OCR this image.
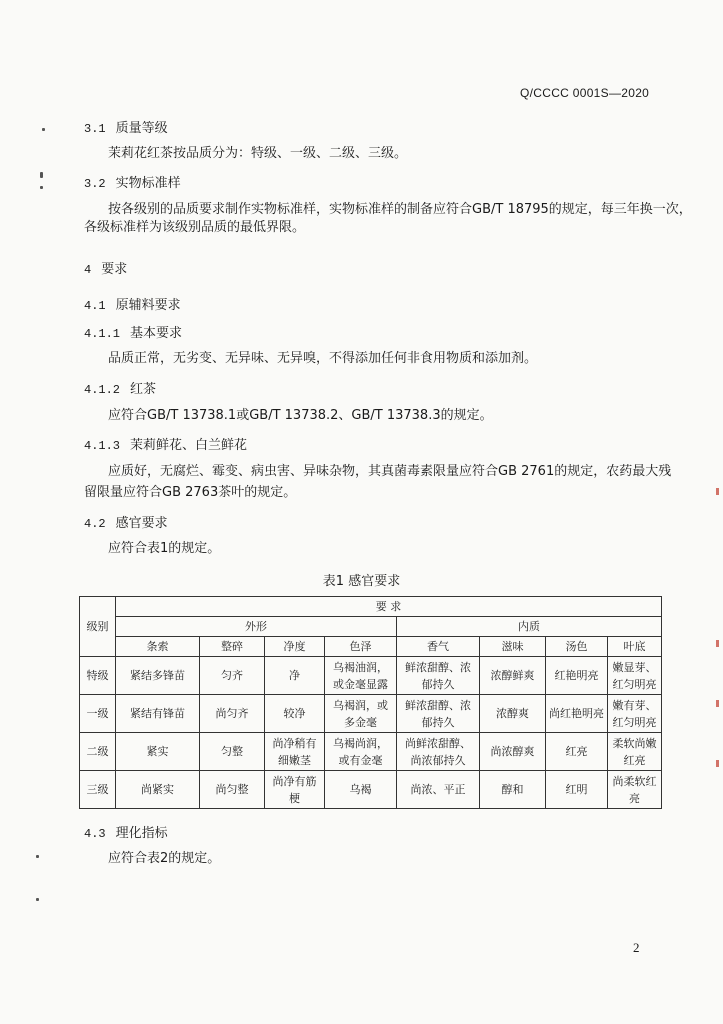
Q/CCCC 0001S—2020
3.1 质量等级
茉莉花红茶按品质分为：特级、一级、二级、三级。
3.2 实物标准样
按各级别的品质要求制作实物标准样，实物标准样的制备应符合GB/T 18795的规定，每三年换一次，
各级标准样为该级别品质的最低界限。
4 要求
4.1 原辅料要求
4.1.1 基本要求
品质正常，无劣变、无异味、无异嗅，不得添加任何非食用物质和添加剂。
4.1.2 红茶
应符合GB/T 13738.1或GB/T 13738.2、GB/T 13738.3的规定。
4.1.3 茉莉鲜花、白兰鲜花
应质好，无腐烂、霉变、病虫害、异味杂物，其真菌毒素限量应符合GB 2761的规定，农药最大残
留限量应符合GB 2763茶叶的规定。
4.2 感官要求
应符合表1的规定。
表1 感官要求
级别	要 求							
	外形				内质			
	条索	整碎	净度	色泽	香气	滋味	汤色	叶底
特级	紧结多锋苗	匀齐	净	乌褐油润，或金毫显露	鲜浓甜醇、浓郁持久	浓醇鲜爽	红艳明亮	嫩显芽、红匀明亮
一级	紧结有锋苗	尚匀齐	较净	乌褐润，或多金毫	鲜浓甜醇、浓郁持久	浓醇爽	尚红艳明亮	嫩有芽、红匀明亮
二级	紧实	匀整	尚净稍有细嫩茎	乌褐尚润，或有金毫	尚鲜浓甜醇、尚浓郁持久	尚浓醇爽	红亮	柔软尚嫩红亮
三级	尚紧实	尚匀整	尚净有筋梗	乌褐	尚浓、平正	醇和	红明	尚柔软红亮
4.3 理化指标
应符合表2的规定。
2
